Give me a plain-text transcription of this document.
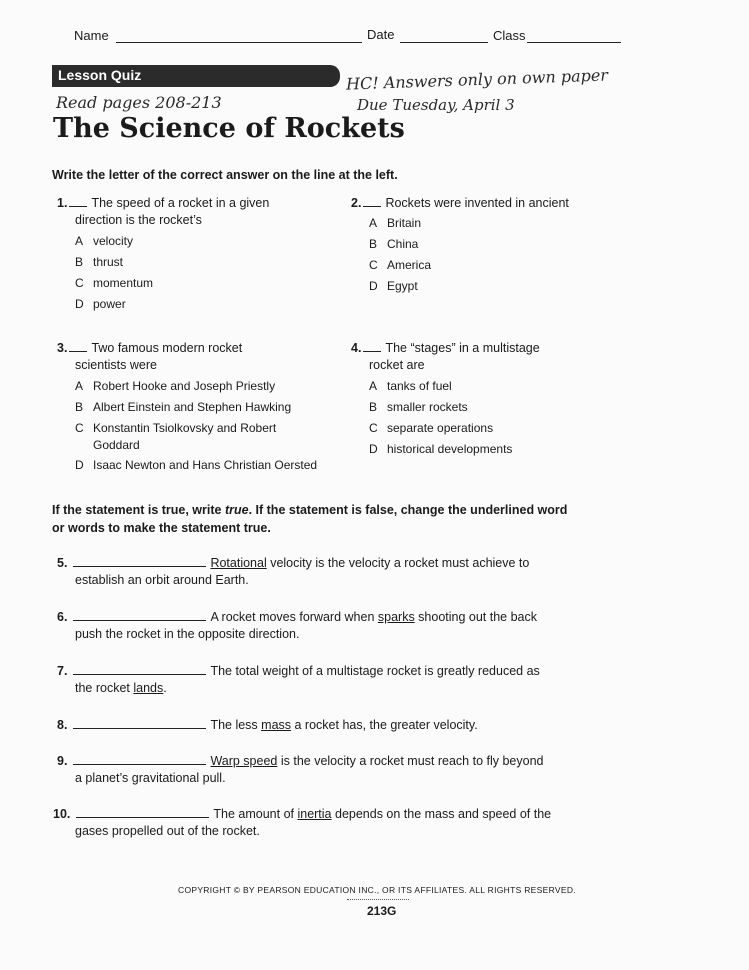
Name	Date	Class
Lesson Quiz	HC! Answers only on own paper
Due Tuesday, April 3
Read pages 208-213
The Science of Rockets
Write the letter of the correct answer on the line at the left.
1. The speed of a rocket in a given
direction is the rocket’s
A velocity
B thrust
C momentum
D power
2. Rockets were invented in ancient
A Britain
B China
C America
D Egypt
3. Two famous modern rocket
scientists were
A Robert Hooke and Joseph Priestly
B Albert Einstein and Stephen Hawking
C Konstantin Tsiolkovsky and Robert
Goddard
D Isaac Newton and Hans Christian Oersted
4. The “stages” in a multistage
rocket are
A tanks of fuel
B smaller rockets
C separate operations
D historical developments
If the statement is true, write true. If the statement is false, change the underlined word
or words to make the statement true.
5.	Rotational velocity is the velocity a rocket must achieve to
establish an orbit around Earth.
6.	A rocket moves forward when sparks shooting out the back
push the rocket in the opposite direction.
7.	The total weight of a multistage rocket is greatly reduced as
the rocket lands.
8.	The less mass a rocket has, the greater velocity.
9.	Warp speed is the velocity a rocket must reach to fly beyond
a planet’s gravitational pull.
10.	The amount of inertia depends on the mass and speed of the
gases propelled out of the rocket.
COPYRIGHT © BY PEARSON EDUCATION INC., OR ITS AFFILIATES. ALL RIGHTS RESERVED.
213G
